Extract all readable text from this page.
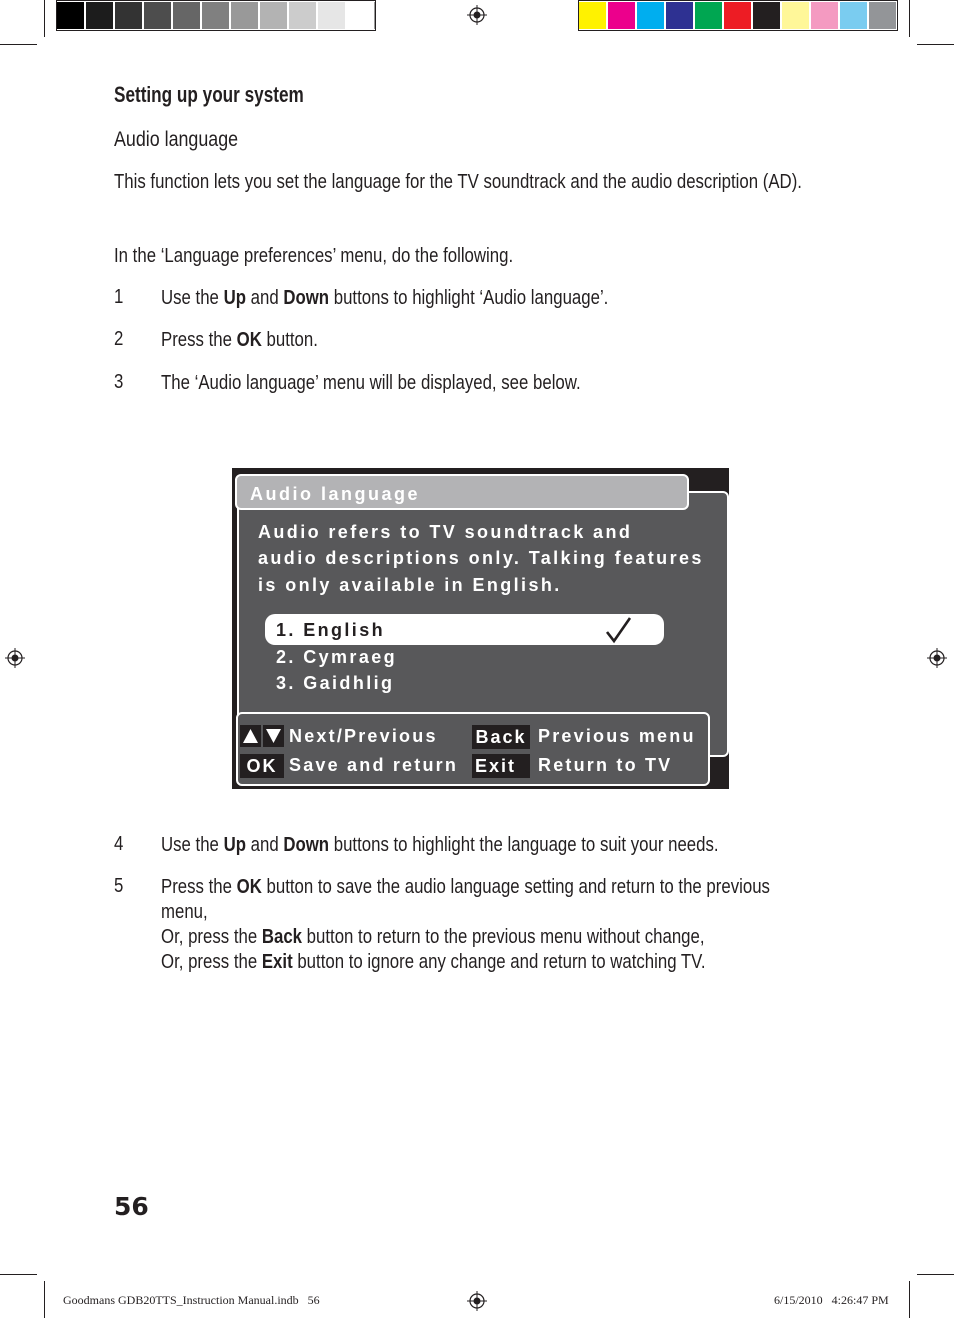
Setting up your system
Audio language
This function lets you set the language for the TV soundtrack and the audio description (AD).
In the ‘Language preferences’ menu, do the following.
1 Use the Up and Down buttons to highlight ‘Audio language’.
2 Press the OK button.
3 The ‘Audio language’ menu will be displayed, see below.
Audio language
Audio refers to TV soundtrack and
audio descriptions only. Talking features
is only available in English.
1. English
2. Cymraeg
3. Gaidhlig
Next/Previous Back Previous menu
OK Save and return Exit	Return to TV
4 Use the Up and Down buttons to highlight the language to suit your needs.
5 Press the OK button to save the audio language setting and return to the previous
menu,
Or, press the Back button to return to the previous menu without change,
Or, press the Exit button to ignore any change and return to watching TV.
56
Goodmans GDB20TTS_Instruction Manual.indb   56	6/15/2010   4:26:47 PM
